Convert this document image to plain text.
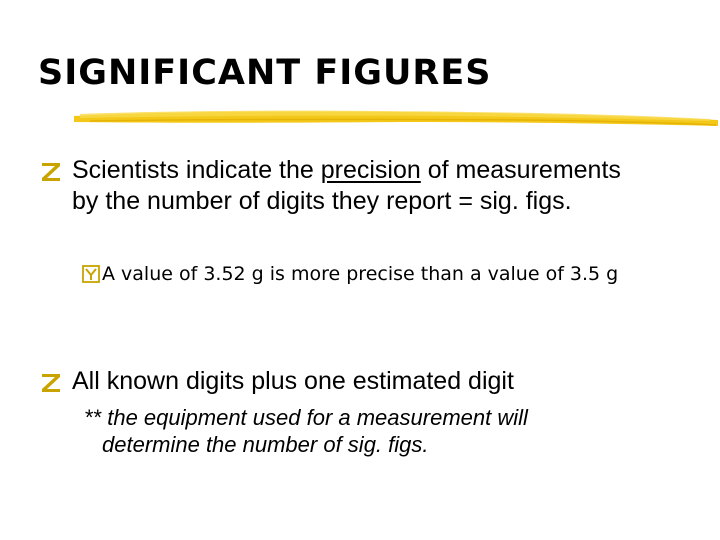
SIGNIFICANT FIGURES
Scientists indicate the precision of measurements by the number of digits they report = sig. figs.
A value of 3.52 g is more precise than a value of 3.5 g
All known digits plus one estimated digit
** the equipment used for a measurement will
determine the number of sig. figs.
